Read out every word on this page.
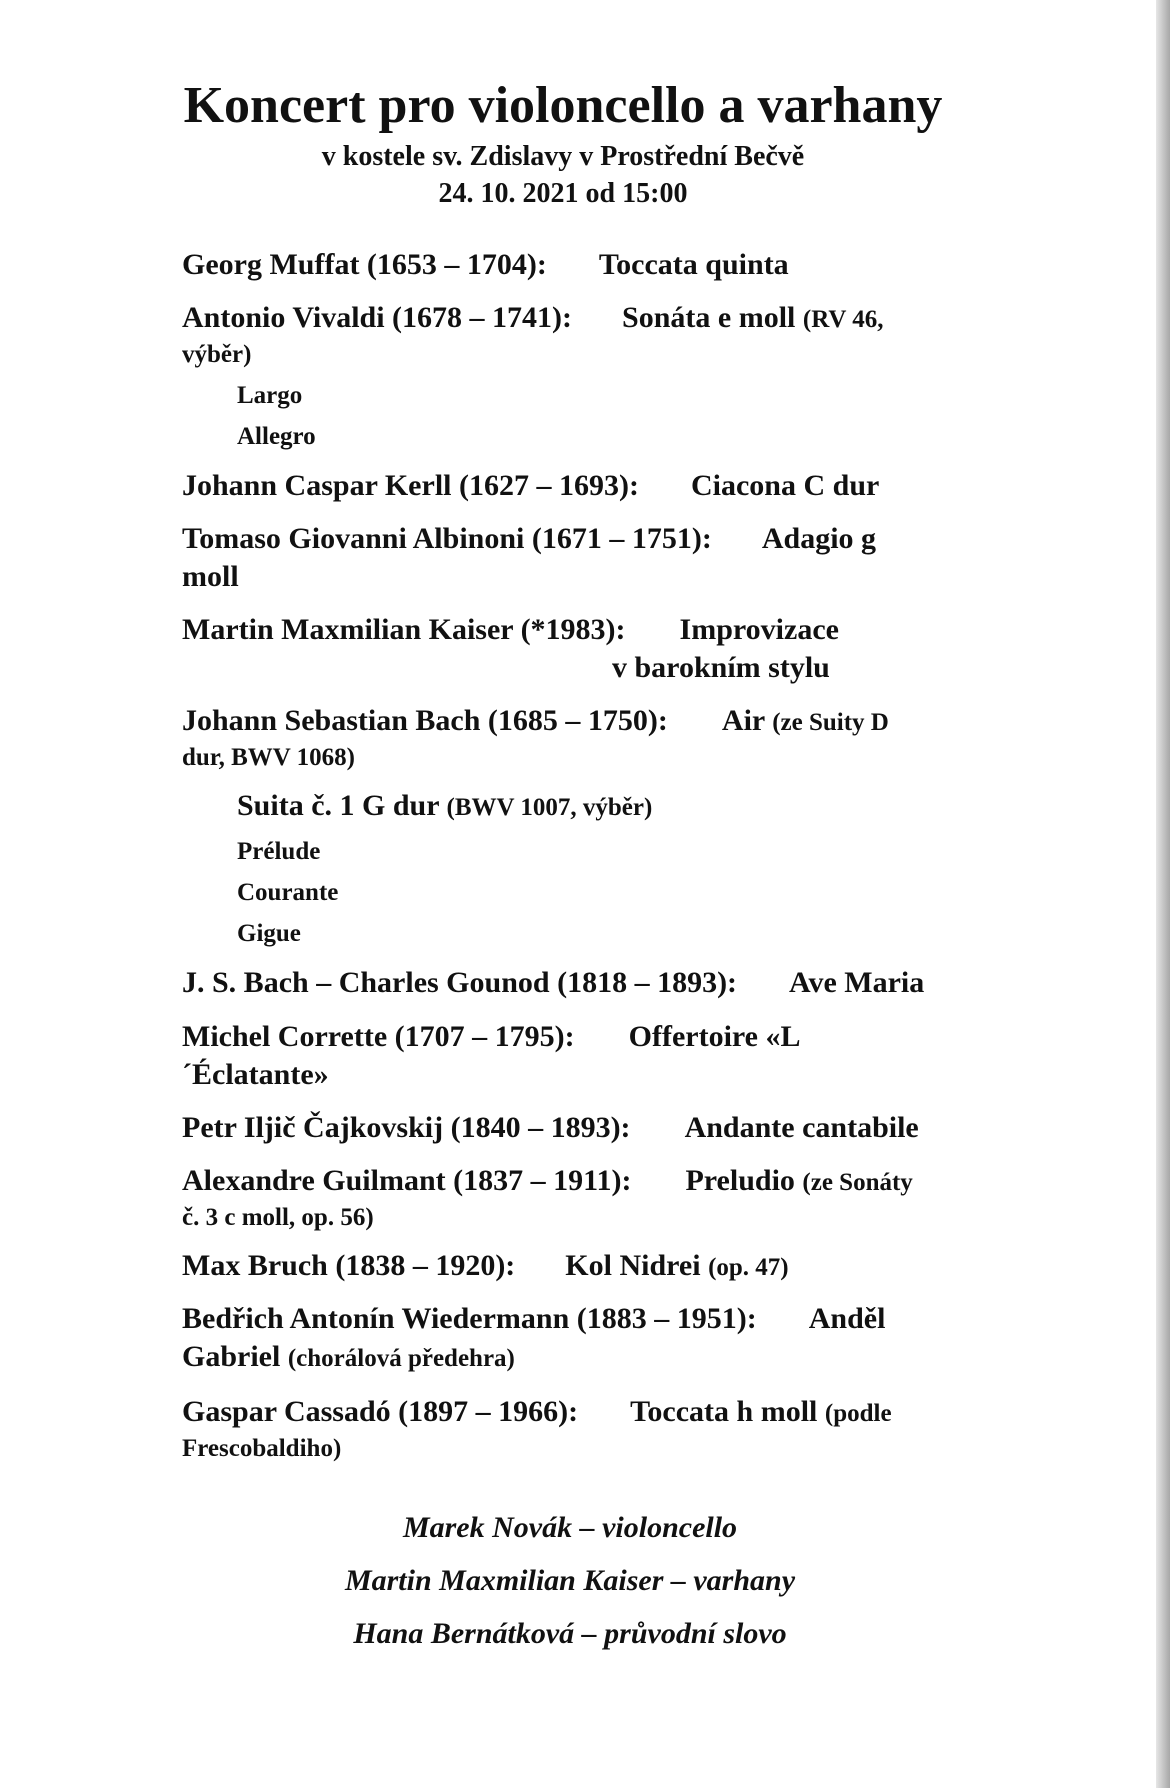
Koncert pro violoncello a varhany
v kostele sv. Zdislavy v Prostřední Bečvě
24. 10. 2021 od 15:00
Georg Muffat (1653 – 1704): Toccata quinta
Antonio Vivaldi (1678 – 1741): Sonáta e moll (RV 46,
výběr)
Largo
Allegro
Johann Caspar Kerll (1627 – 1693): Ciacona C dur
Tomaso Giovanni Albinoni (1671 – 1751): Adagio g
moll
Martin Maxmilian Kaiser (*1983): Improvizace
v barokním stylu
Johann Sebastian Bach (1685 – 1750): Air (ze Suity D
dur, BWV 1068)
Suita č. 1 G dur (BWV 1007, výběr)
Prélude
Courante
Gigue
J. S. Bach – Charles Gounod (1818 – 1893): Ave Maria
Michel Corrette (1707 – 1795): Offertoire «L
´Éclatante»
Petr Iljič Čajkovskij (1840 – 1893): Andante cantabile
Alexandre Guilmant (1837 – 1911): Preludio (ze Sonáty
č. 3 c moll, op. 56)
Max Bruch (1838 – 1920): Kol Nidrei (op. 47)
Bedřich Antonín Wiedermann (1883 – 1951): Anděl
Gabriel (chorálová předehra)
Gaspar Cassadó (1897 – 1966): Toccata h moll (podle
Frescobaldiho)
Marek Novák – violoncello
Martin Maxmilian Kaiser – varhany
Hana Bernátková – průvodní slovo
